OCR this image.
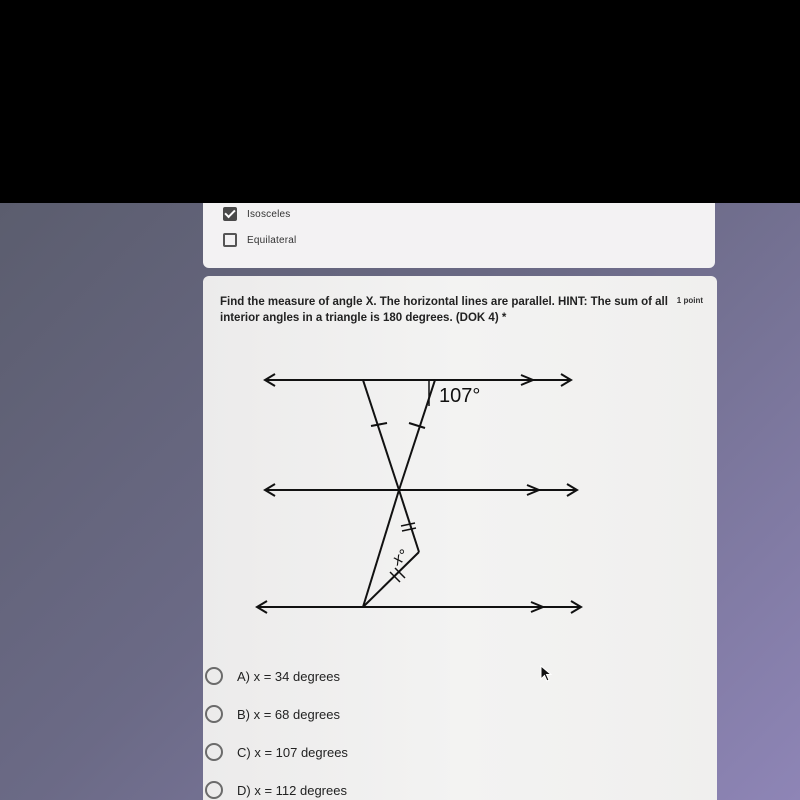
Isosceles
Equilateral
Find the measure of angle X. The horizontal lines are parallel. HINT: The sum of all interior angles in a triangle is 180 degrees. (DOK 4) *
1 point
107°
x°
A) x = 34 degrees
B) x = 68 degrees
C) x = 107 degrees
D) x = 112 degrees
